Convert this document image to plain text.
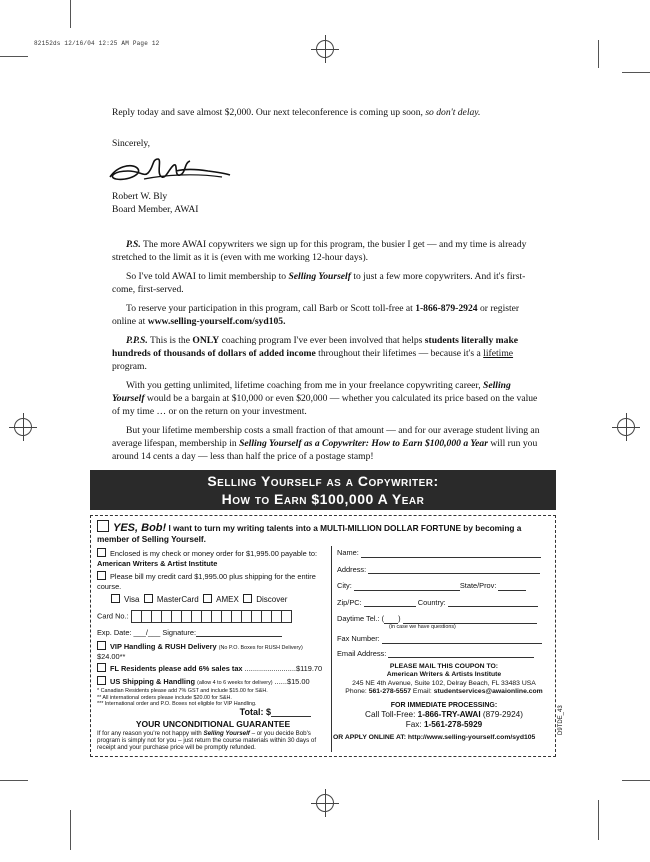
82152ds 12/16/04 12:25 AM Page 12

Reply today and save almost $2,000. Our next teleconference is coming up soon, so don't delay.

Sincerely,

Robert W. Bly

Board Member, AWAI

P.S. The more AWAI copywriters we sign up for this program, the busier I get — and my time is already stretched to the limit as it is (even with me working 12-hour days).

So I've told AWAI to limit membership to Selling Yourself to just a few more copywriters. And it's first-come, first-served.

To reserve your participation in this program, call Barb or Scott toll-free at 1-866-879-2924 or register online at www.selling-yourself.com/syd105.

P.P.S. This is the ONLY coaching program I've ever been involved that helps students literally make hundreds of thousands of dollars of added income throughout their lifetimes — because it's a lifetime program.

With you getting unlimited, lifetime coaching from me in your freelance copywriting career, Selling Yourself would be a bargain at $10,000 or even $20,000 — whether you calculated its price based on the value of my time … or on the return on your investment.

But your lifetime membership costs a small fraction of that amount — and for our average student living an average lifespan, membership in Selling Yourself as a Copywriter: How to Earn $100,000 a Year will run you around 14 cents a day — less than half the price of a postage stamp!

Selling Yourself as a Copywriter:
How to Earn $100,000 A Year
YES, Bob! I want to turn my writing talents into a MULTI-MILLION DOLLAR FORTUNE by becoming a member of Selling Yourself.
Enclosed is my check or money order for $1,995.00 payable to: American Writers & Artist Institute
Please bill my credit card $1,995.00 plus shipping for the entire course.
Visa MasterCard AMEX Discover
Card No.:
Exp. Date: ___/___ Signature:
VIP Handling & RUSH Delivery (No P.O. Boxes for RUSH Delivery) $24.00**
FL Residents please add 6% sales tax .........................$119.70
US Shipping & Handling (allow 4 to 6 weeks for delivery) ......$15.00
* Canadian Residents please add 7% GST and include $15.00 for S&H.
** All international orders please include $20.00 for S&H.
*** International order and P.O. Boxes not eligible for VIP Handling.
Total: $
YOUR UNCONDITIONAL GUARANTEE
If for any reason you're not happy with Selling Yourself – or you decide Bob's program is simply not for you – just return the course materials within 30 days of receipt and your purchase price will be promptly refunded.
Name:
Address:
City:	State/Prov:
Zip/PC:	Country:
Daytime Tel.: ( )
(in case we have questions)
Fax Number:
Email Address:
PLEASE MAIL THIS COUPON TO:
American Writers & Artists Institute
245 NE 4th Avenue, Suite 102, Delray Beach, FL 33483 USA
Phone: 561-278-5557 Email: studentservices@awaionline.com
FOR IMMEDIATE PROCESSING:
Call Toll-Free: 1-866-TRY-AWAI (879-2924)
Fax: 1-561-278-5929
OR APPLY ONLINE AT: http://www.selling-yourself.com/syd105
D9TDE_43
